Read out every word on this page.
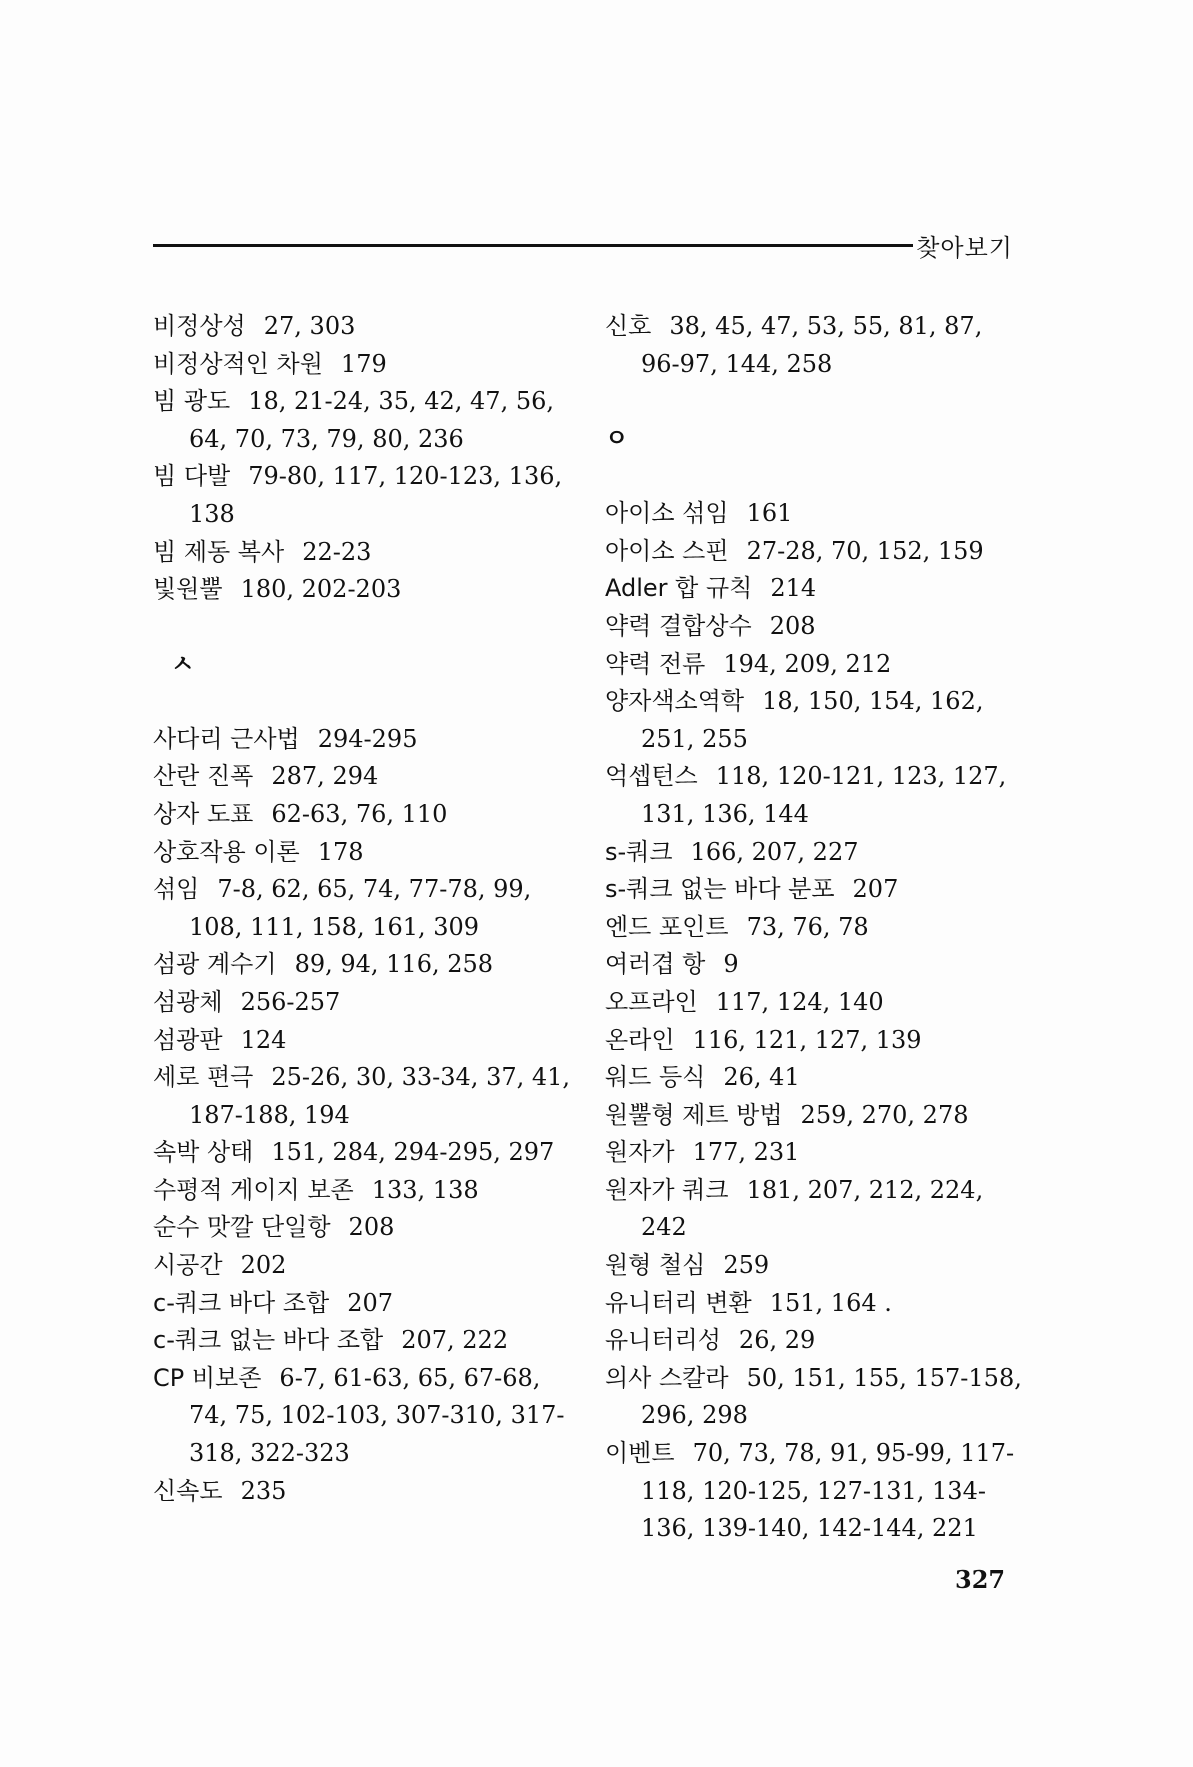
찾아보기
비정상성 27, 303
비정상적인 차원 179
빔 광도 18, 21-24, 35, 42, 47, 56, 64, 70, 73, 79, 80, 236
빔 다발 79-80, 117, 120-123, 136, 138
빔 제동 복사 22-23
빛원뿔 180, 202-203
ㅅ
사다리 근사법 294-295
산란 진폭 287, 294
상자 도표 62-63, 76, 110
상호작용 이론 178
섞임 7-8, 62, 65, 74, 77-78, 99, 108, 111, 158, 161, 309
섬광 계수기 89, 94, 116, 258
섬광체 256-257
섬광판 124
세로 편극 25-26, 30, 33-34, 37, 41, 187-188, 194
속박 상태 151, 284, 294-295, 297
수평적 게이지 보존 133, 138
순수 맛깔 단일항 208
시공간 202
c-쿼크 바다 조합 207
c-쿼크 없는 바다 조합 207, 222
CP 비보존 6-7, 61-63, 65, 67-68, 74, 75, 102-103, 307-310, 317-318, 322-323
신속도 235
신호 38, 45, 47, 53, 55, 81, 87, 96-97, 144, 258
ㅇ
아이소 섞임 161
아이소 스핀 27-28, 70, 152, 159
Adler 합 규칙 214
약력 결합상수 208
약력 전류 194, 209, 212
양자색소역학 18, 150, 154, 162, 251, 255
억셉턴스 118, 120-121, 123, 127, 131, 136, 144
s-쿼크 166, 207, 227
s-쿼크 없는 바다 분포 207
엔드 포인트 73, 76, 78
여러겹 항 9
오프라인 117, 124, 140
온라인 116, 121, 127, 139
워드 등식 26, 41
원뿔형 제트 방법 259, 270, 278
원자가 177, 231
원자가 쿼크 181, 207, 212, 224, 242
원형 철심 259
유니터리 변환 151, 164 .
유니터리성 26, 29
의사 스칼라 50, 151, 155, 157-158, 296, 298
이벤트 70, 73, 78, 91, 95-99, 117-118, 120-125, 127-131, 134-136, 139-140, 142-144, 221
327
